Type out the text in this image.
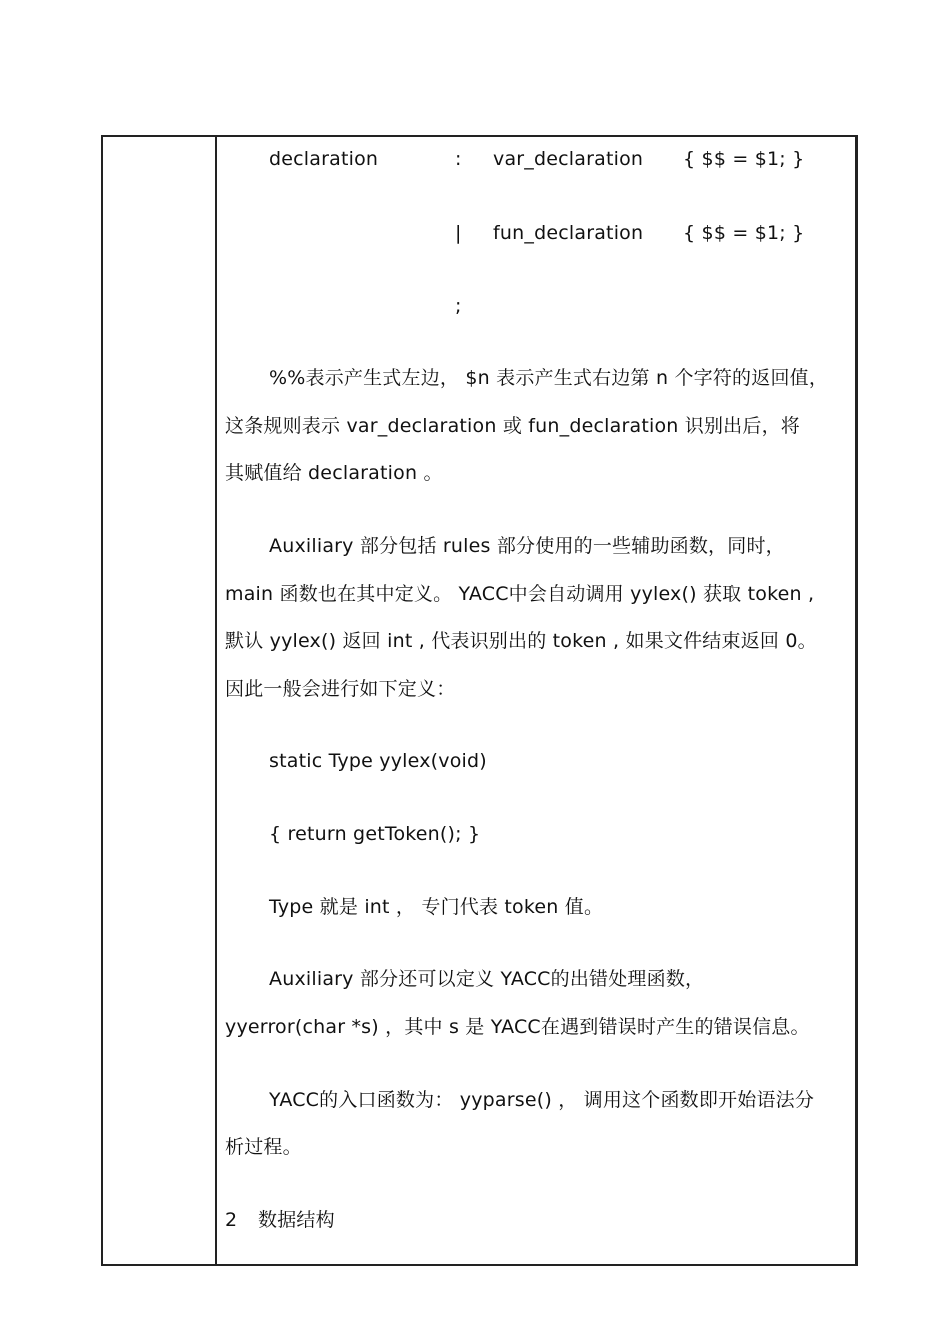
declaration	: var_declaration { $$ = $1; }
| fun_declaration { $$ = $1; }
;
%%表示产生式左边， $n 表示产生式右边第 n 个字符的返回值，
这条规则表示 var_declaration 或 fun_declaration 识别出后，将
其赋值给 declaration 。
Auxiliary 部分包括 rules 部分使用的一些辅助函数，同时，
main 函数也在其中定义。 YACC中会自动调用 yylex() 获取 token ,
默认 yylex() 返回 int , 代表识别出的 token , 如果文件结束返回 0。
因此一般会进行如下定义：
static Type yylex(void)
{ return getToken(); }
Type 就是 int ， 专门代表 token 值。
Auxiliary 部分还可以定义 YACC的出错处理函数，
yyerror(char *s) ，其中 s 是 YACC在遇到错误时产生的错误信息。
YACC的入口函数为： yyparse() ， 调用这个函数即开始语法分
析过程。
2 数据结构
